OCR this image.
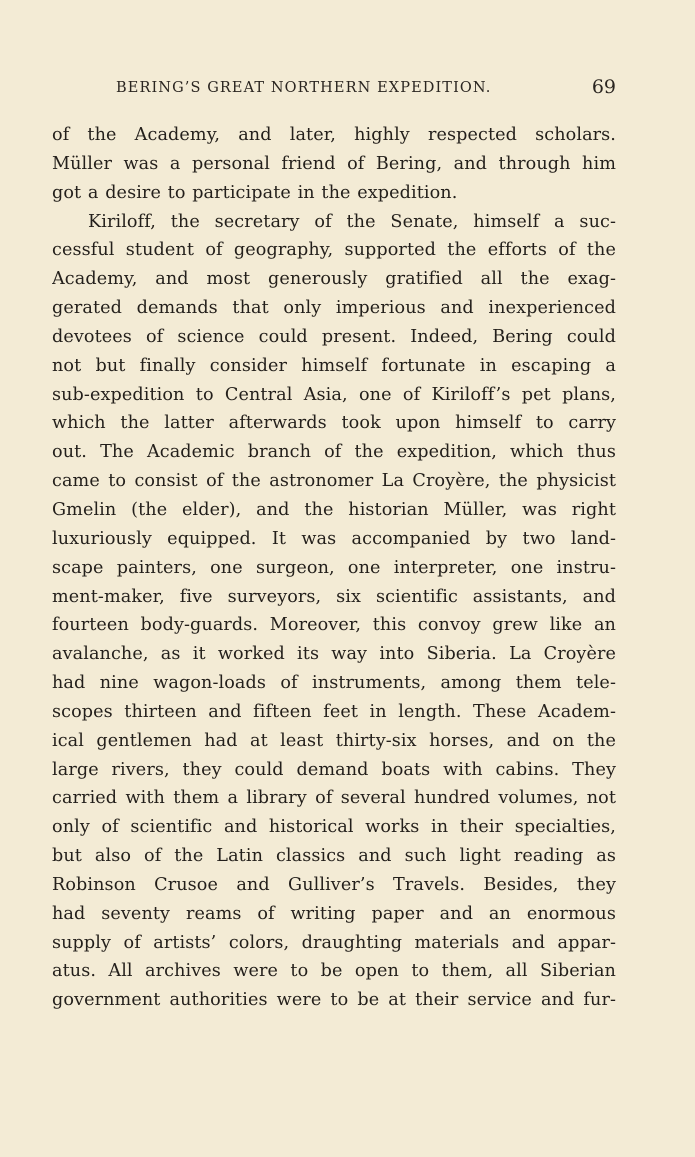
BERING’S GREAT NORTHERN EXPEDITION.	69
of the Academy, and later, highly respected scholars.
Müller was a personal friend of Bering, and through him
got a desire to participate in the expedition.
Kiriloff, the secretary of the Senate, himself a suc-
cessful student of geography, supported the efforts of the
Academy, and most generously gratified all the exag-
gerated demands that only imperious and inexperienced
devotees of science could present. Indeed, Bering could
not but finally consider himself fortunate in escaping a
sub-expedition to Central Asia, one of Kiriloff’s pet plans,
which the latter afterwards took upon himself to carry
out. The Academic branch of the expedition, which thus
came to consist of the astronomer La Croyère, the physicist
Gmelin (the elder), and the historian Müller, was right
luxuriously equipped. It was accompanied by two land-
scape painters, one surgeon, one interpreter, one instru-
ment-maker, five surveyors, six scientific assistants, and
fourteen body-guards. Moreover, this convoy grew like an
avalanche, as it worked its way into Siberia. La Croyère
had nine wagon-loads of instruments, among them tele-
scopes thirteen and fifteen feet in length. These Academ-
ical gentlemen had at least thirty-six horses, and on the
large rivers, they could demand boats with cabins. They
carried with them a library of several hundred volumes, not
only of scientific and historical works in their specialties,
but also of the Latin classics and such light reading as
Robinson Crusoe and Gulliver’s Travels. Besides, they
had seventy reams of writing paper and an enormous
supply of artists’ colors, draughting materials and appar-
atus. All archives were to be open to them, all Siberian
government authorities were to be at their service and fur-
